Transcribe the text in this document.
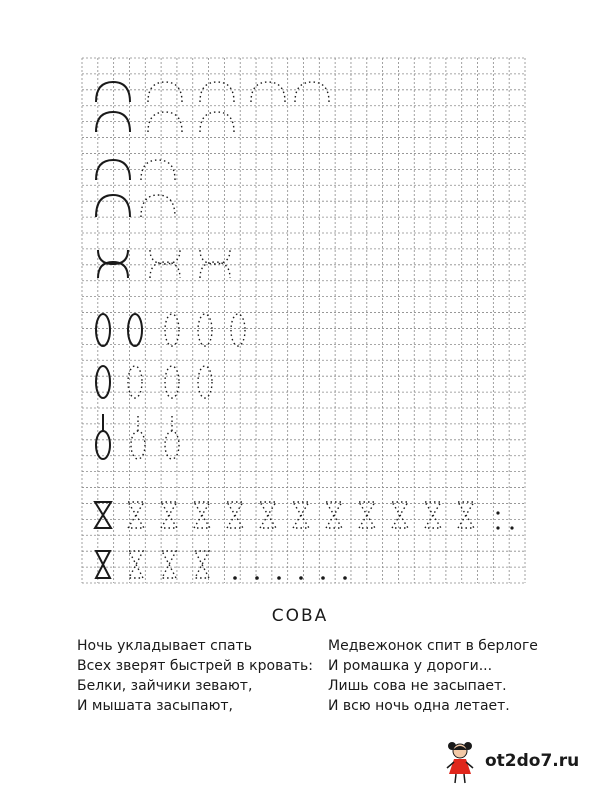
СОВА
Ночь укладывает спать
Всех зверят быстрей в кровать:
Белки, зайчики зевают,
И мышата засыпают,
Медвежонок спит в берлоге
И ромашка у дороги...
Лишь сова не засыпает.
И всю ночь одна летает.
ot2do7.ru
